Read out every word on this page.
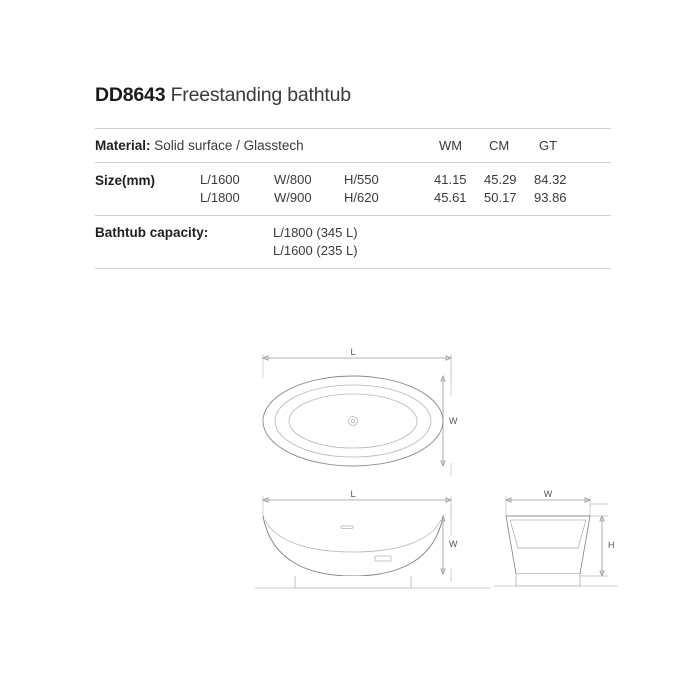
DD8643 Freestanding bathtub
Material: Solid surface / Glasstech	WM	CM	GT
Size(mm)	L/1600	W/800	H/550	41.15	45.29	84.32
L/1800	W/900	H/620	45.61	50.17	93.86
Bathtub capacity:	L/1800 (345 L)
L/1600 (235 L)
L
W
L
W
W
H
